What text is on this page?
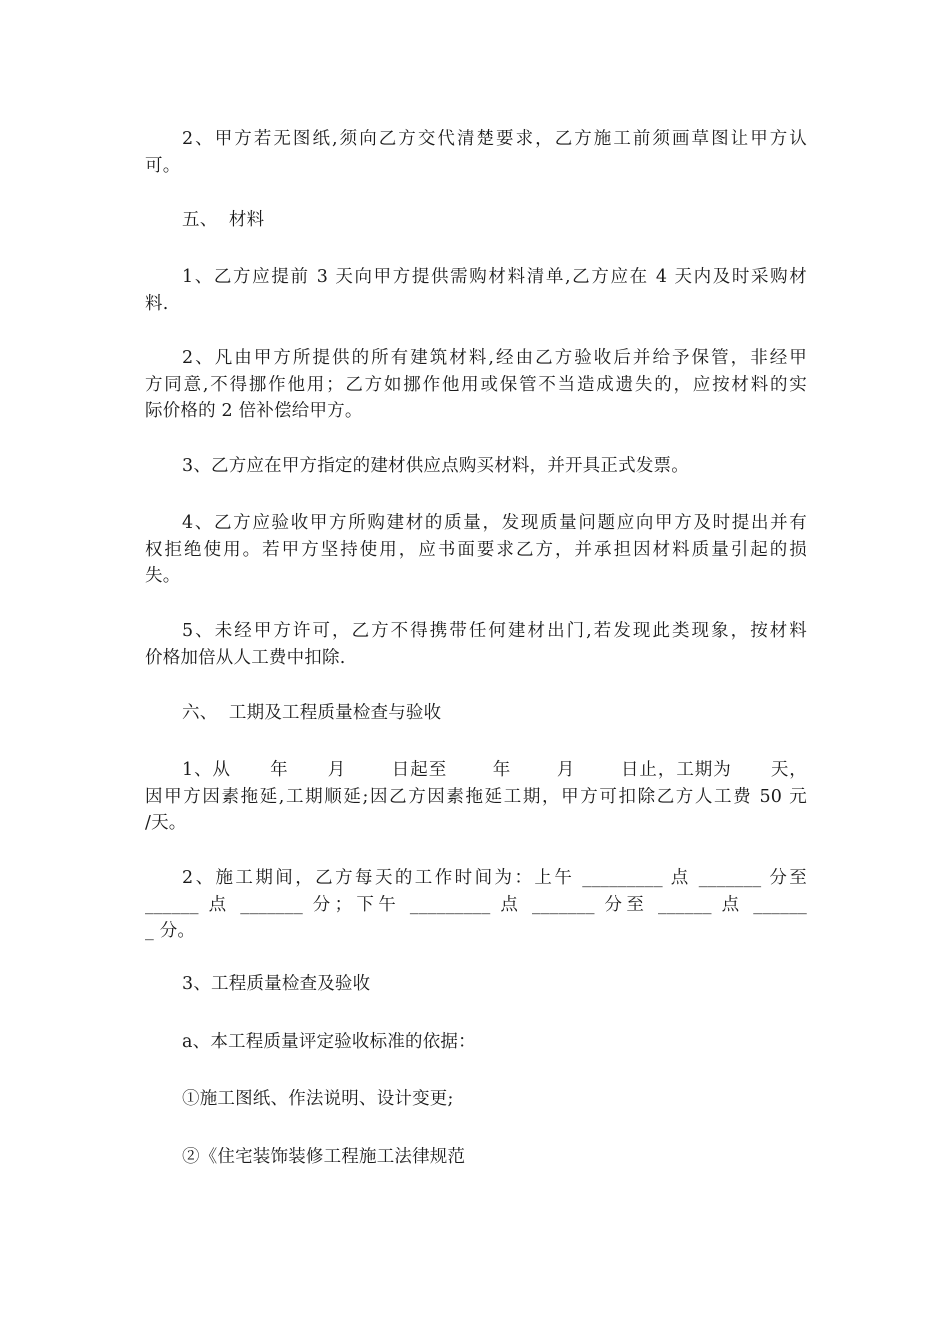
2、甲方若无图纸,须向乙方交代清楚要求，乙方施工前须画草图让甲方认
可。
五、  材料
1、乙方应提前 3 天向甲方提供需购材料清单,乙方应在 4 天内及时采购材
料.
2、凡由甲方所提供的所有建筑材料,经由乙方验收后并给予保管，非经甲
方同意,不得挪作他用；乙方如挪作他用或保管不当造成遗失的，应按材料的实
际价格的 2 倍补偿给甲方。
3、乙方应在甲方指定的建材供应点购买材料，并开具正式发票。
4、乙方应验收甲方所购建材的质量，发现质量问题应向甲方及时提出并有
权拒绝使用。若甲方坚持使用，应书面要求乙方，并承担因材料质量引起的损
失。
5、未经甲方许可，乙方不得携带任何建材出门,若发现此类现象，按材料
价格加倍从人工费中扣除.
六、  工期及工程质量检查与验收
1、从      年      月       日起至       年       月       日止，工期为      天，
因甲方因素拖延,工期顺延;因乙方因素拖延工期，甲方可扣除乙方人工费 50 元
/天。
2、施工期间，乙方每天的工作时间为：上午 _________ 点 _______ 分至
______ 点 _______ 分；下午 _________ 点 _______ 分至 ______ 点 ______
_ 分。
3、工程质量检查及验收
a、本工程质量评定验收标准的依据：
①施工图纸、作法说明、设计变更;
②《住宅装饰装修工程施工法律规范
